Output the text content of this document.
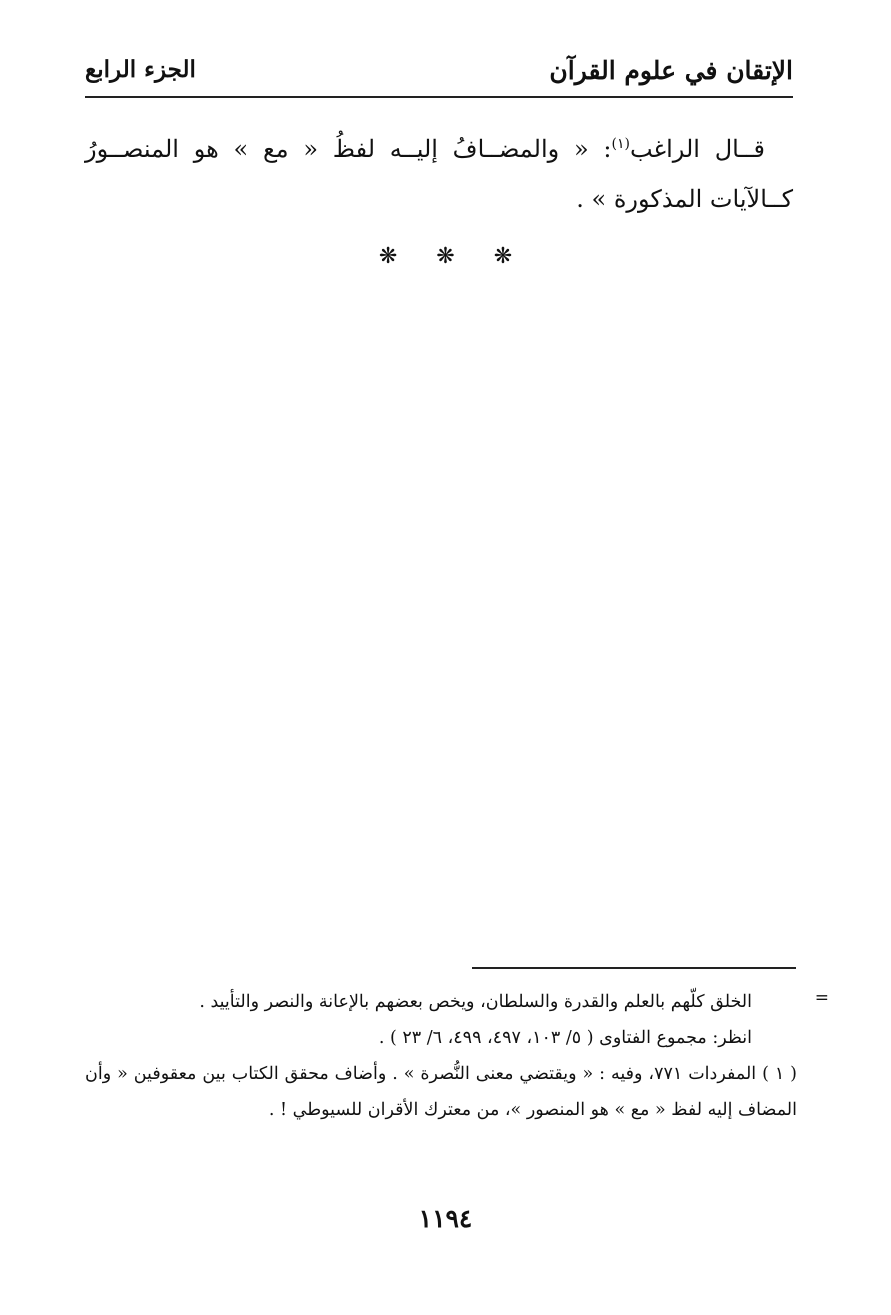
الإتقان في علوم القرآن
الجزء الرابع

قــال الراغب$^{(١)}$: « والمضــافُ إليــه لفظُ « مع » هو المنصــورُ كــالآيات المذكورة » .

❋ ❋ ❋
=

الخلق كلّهم بالعلم والقدرة والسلطان، ويخص بعضهم بالإعانة والنصر والتأييد .

انظر: مجموع الفتاوى ( ٥/ ١٠٣، ٤٩٧، ٤٩٩، ٦/ ٢٣ ) .

( ١ ) المفردات ٧٧١، وفيه : « ويقتضي معنى النُّصرة » . وأضاف محقق الكتاب بين معقوفين « وأن المضاف إليه لفظ « مع » هو المنصور »، من معترك الأقران للسيوطي ! .

١١٩٤
